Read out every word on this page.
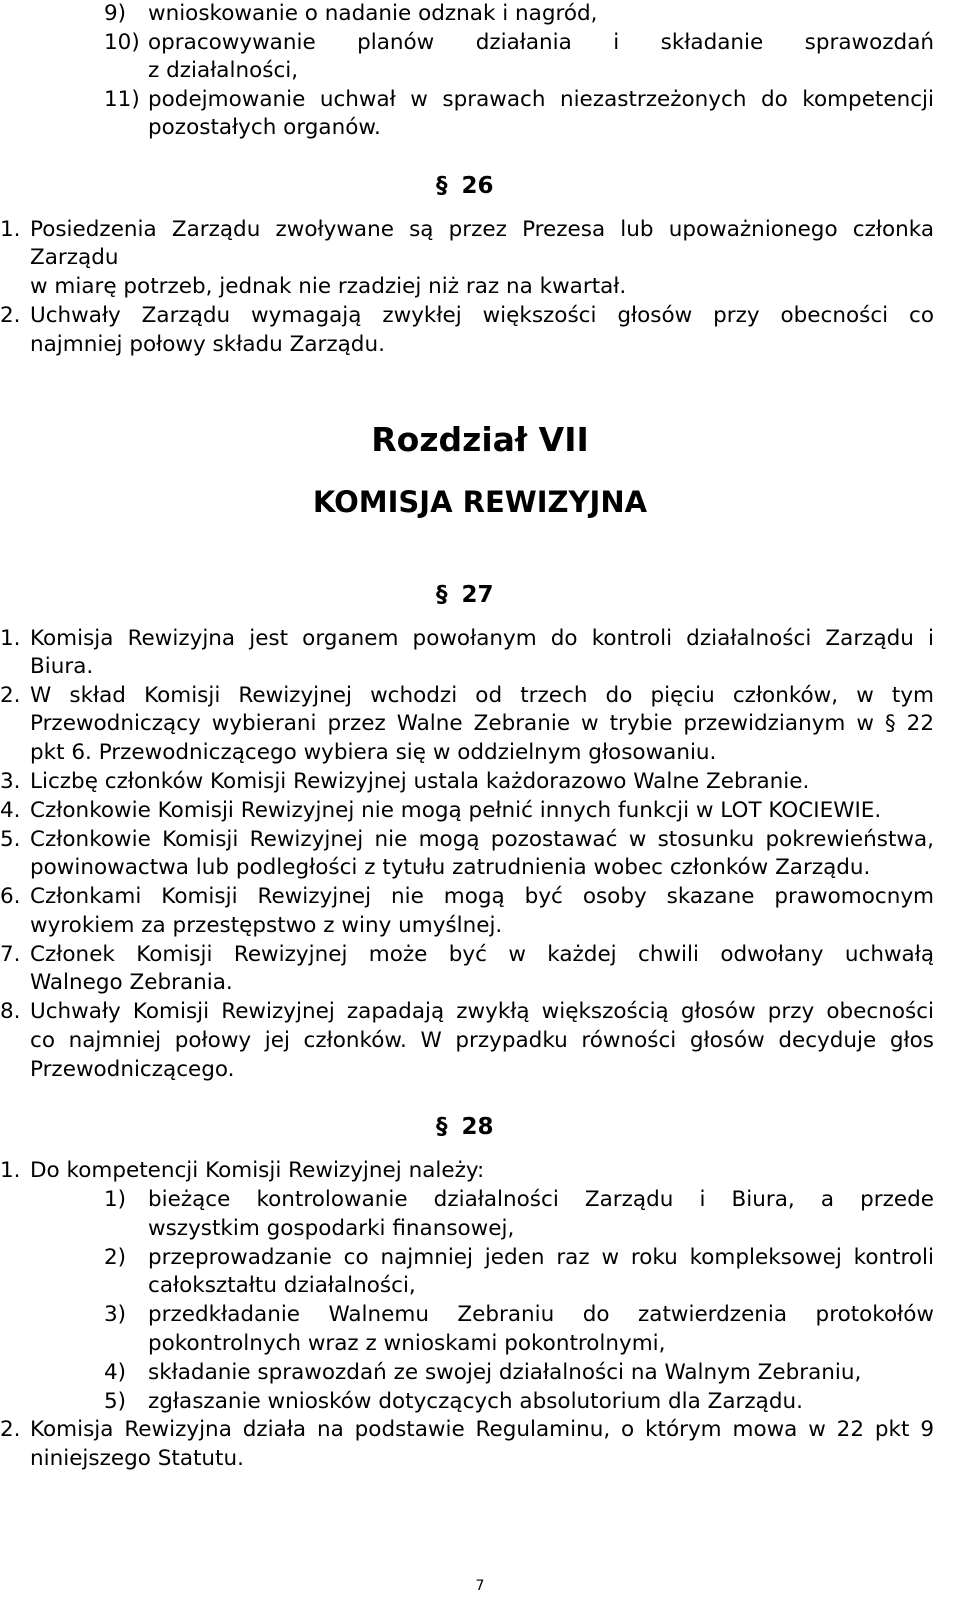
9) wnioskowanie o nadanie odznak i nagród,
10) opracowywanie planów działania i składanie sprawozdań
z działalności,
11) podejmowanie uchwał w sprawach niezastrzeżonych do kompetencji
pozostałych organów.
§ 26
1. Posiedzenia Zarządu zwoływane są przez Prezesa lub upoważnionego członka
Zarządu
w miarę potrzeb, jednak nie rzadziej niż raz na kwartał.
2. Uchwały Zarządu wymagają zwykłej większości głosów przy obecności co
najmniej połowy składu Zarządu.
Rozdział VII
KOMISJA REWIZYJNA
§ 27
1. Komisja Rewizyjna jest organem powołanym do kontroli działalności Zarządu i
Biura.
2. W skład Komisji Rewizyjnej wchodzi od trzech do pięciu członków, w tym
Przewodniczący wybierani przez Walne Zebranie w trybie przewidzianym w § 22
pkt 6. Przewodniczącego wybiera się w oddzielnym głosowaniu.
3. Liczbę członków Komisji Rewizyjnej ustala każdorazowo Walne Zebranie.
4. Członkowie Komisji Rewizyjnej nie mogą pełnić innych funkcji w LOT KOCIEWIE.
5. Członkowie Komisji Rewizyjnej nie mogą pozostawać w stosunku pokrewieństwa,
powinowactwa lub podległości z tytułu zatrudnienia wobec członków Zarządu.
6. Członkami Komisji Rewizyjnej nie mogą być osoby skazane prawomocnym
wyrokiem za przestępstwo z winy umyślnej.
7. Członek Komisji Rewizyjnej może być w każdej chwili odwołany uchwałą
Walnego Zebrania.
8. Uchwały Komisji Rewizyjnej zapadają zwykłą większością głosów przy obecności
co najmniej połowy jej członków. W przypadku równości głosów decyduje głos
Przewodniczącego.
§ 28
1. Do kompetencji Komisji Rewizyjnej należy:
1) bieżące kontrolowanie działalności Zarządu i Biura, a przede
wszystkim gospodarki finansowej,
2) przeprowadzanie co najmniej jeden raz w roku kompleksowej kontroli
całokształtu działalności,
3) przedkładanie Walnemu Zebraniu do zatwierdzenia protokołów
pokontrolnych wraz z wnioskami pokontrolnymi,
4) składanie sprawozdań ze swojej działalności na Walnym Zebraniu,
5) zgłaszanie wniosków dotyczących absolutorium dla Zarządu.
2. Komisja Rewizyjna działa na podstawie Regulaminu, o którym mowa w 22 pkt 9
niniejszego Statutu.
7
